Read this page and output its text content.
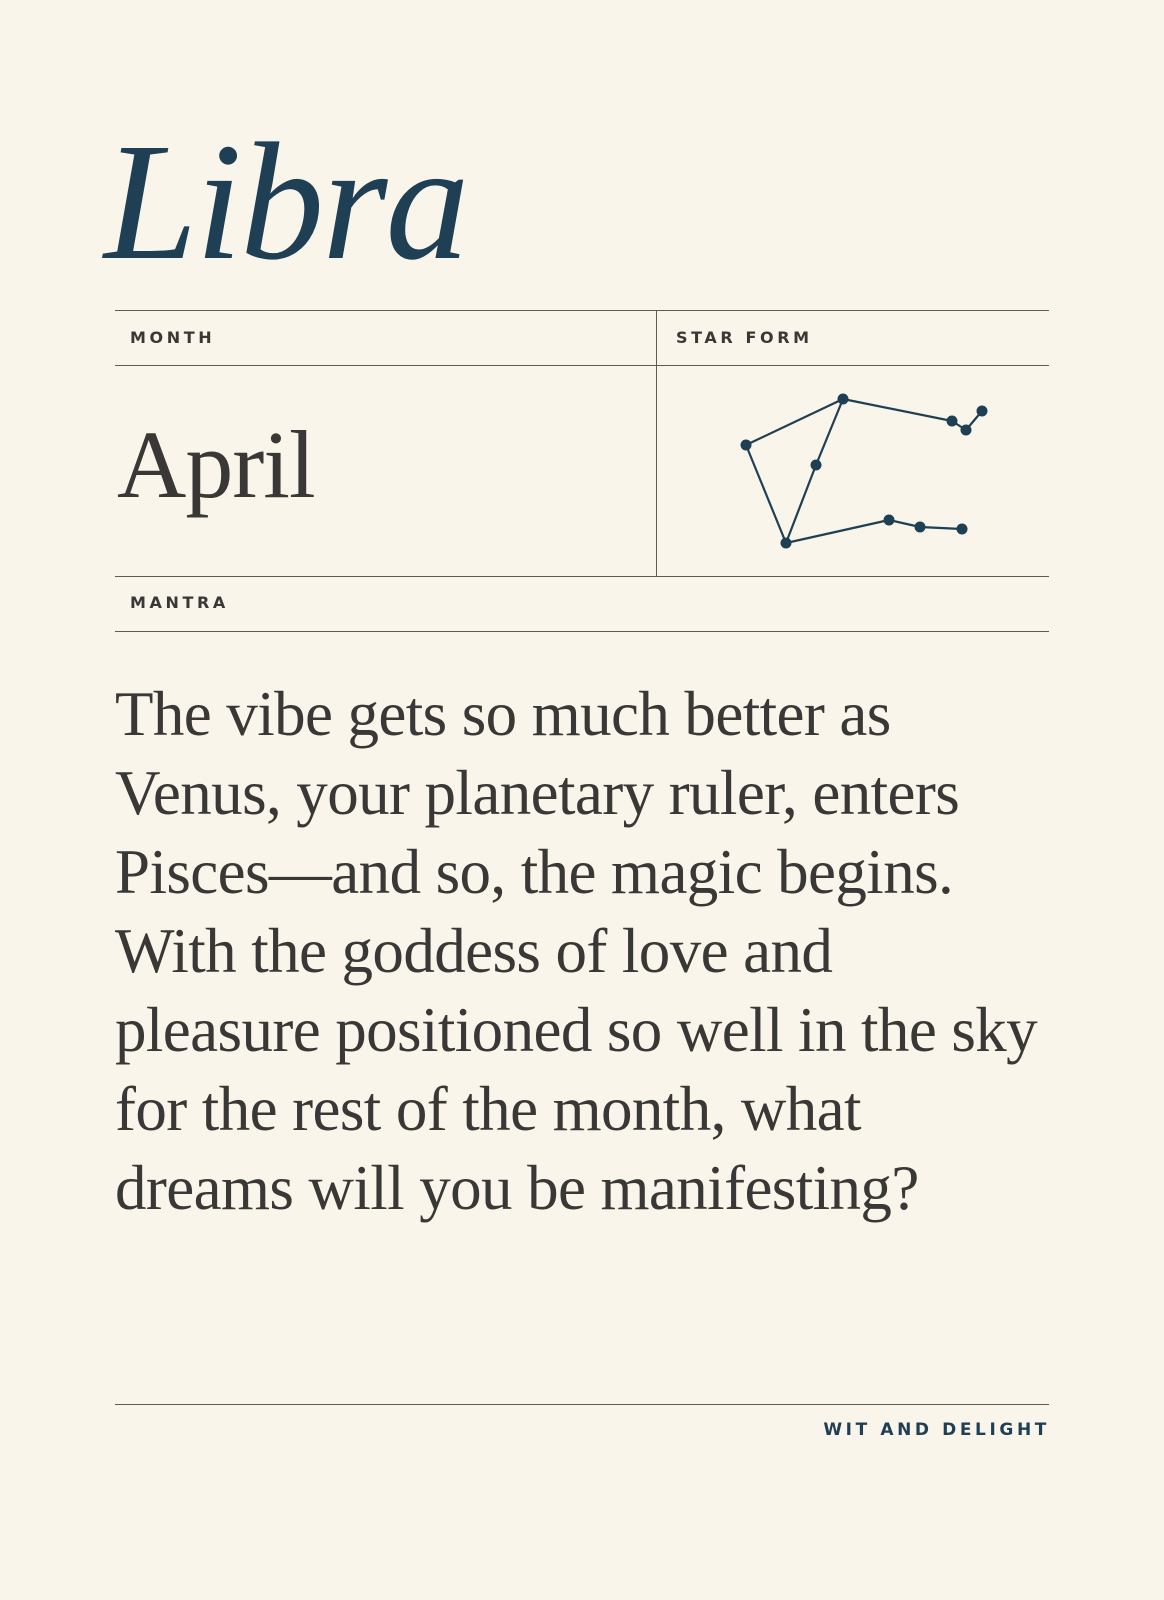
Libra
MONTH	STAR FORM
April
MANTRA

The vibe gets so much better as Venus, your planetary ruler, enters Pisces—and so, the magic begins. With the goddess of love and pleasure positioned so well in the sky for the rest of the month, what dreams will you be manifesting?

WIT AND DELIGHT
